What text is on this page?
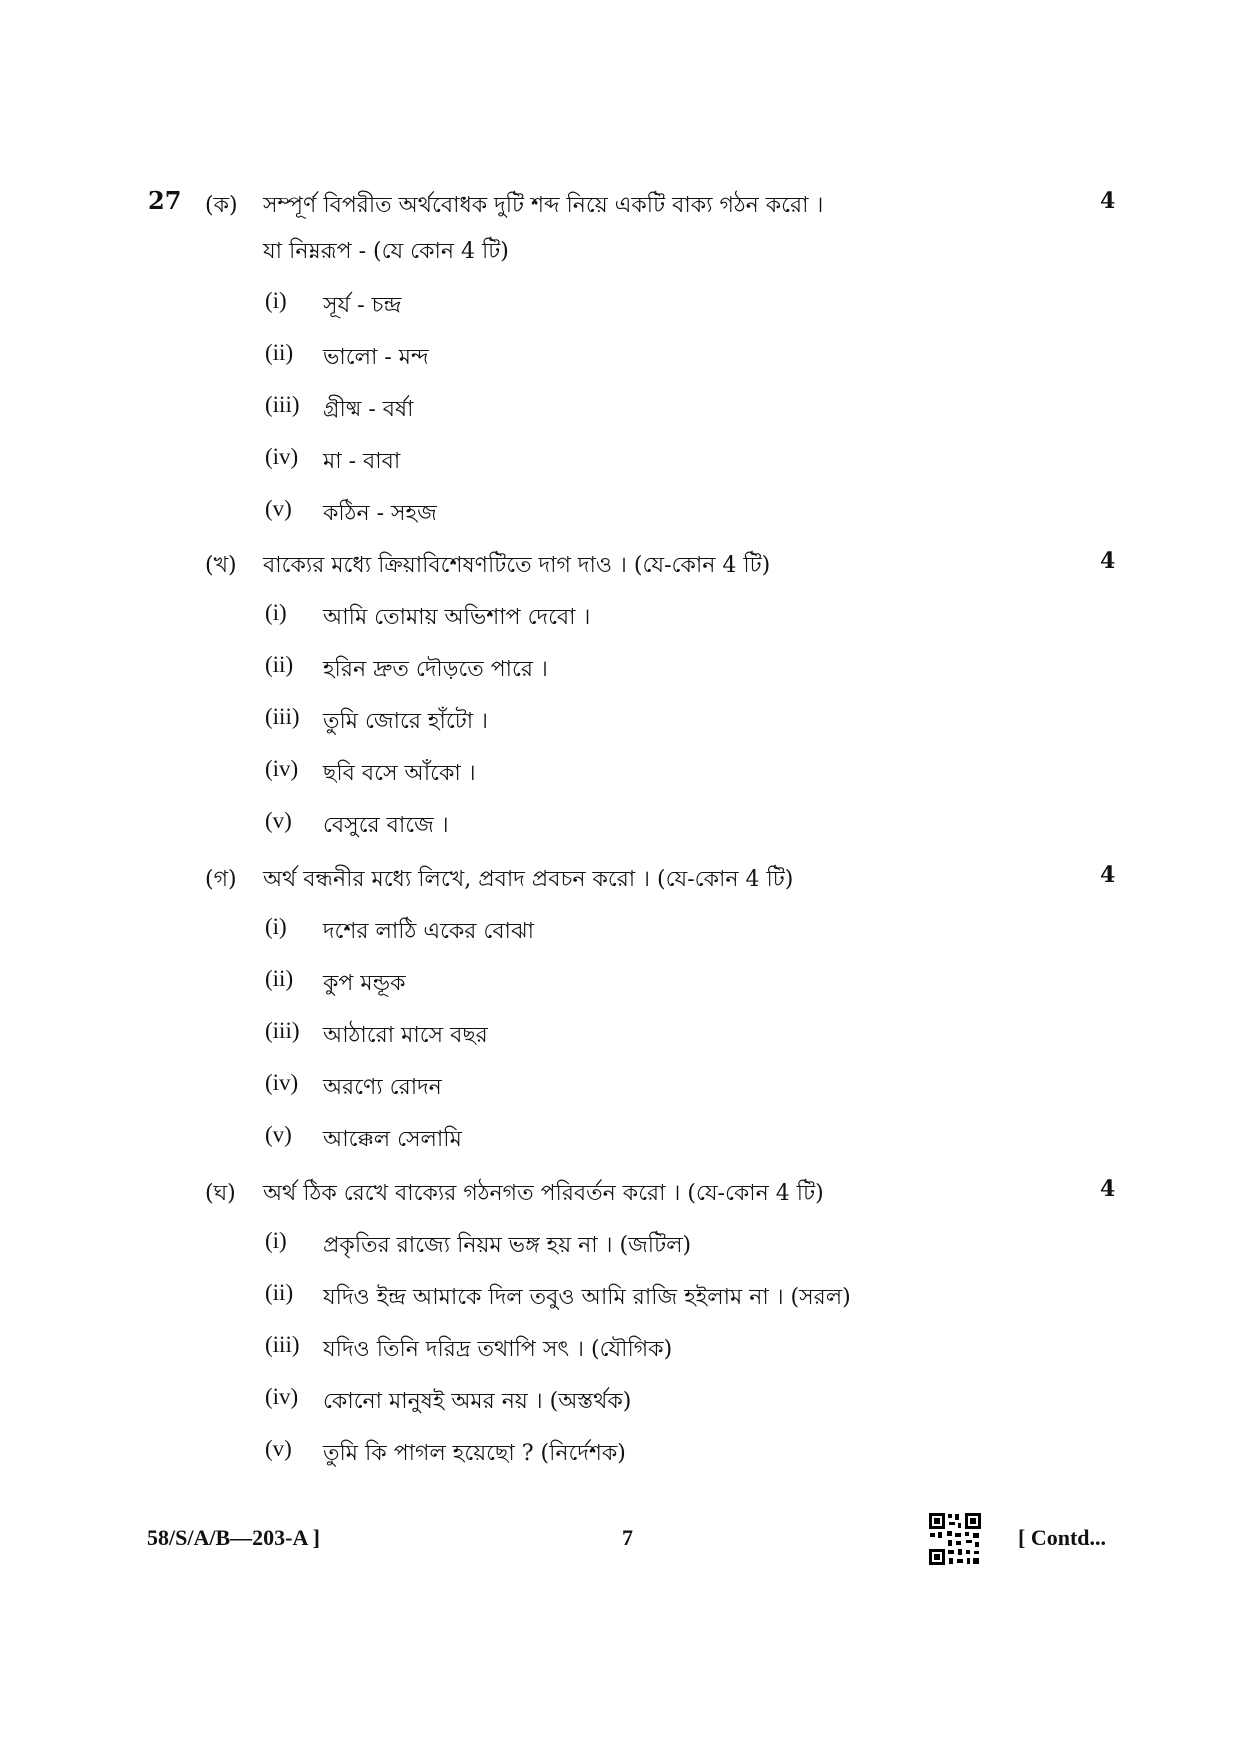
27 (ক) সম্পূর্ণ বিপরীত অর্থবোধক দুটি শব্দ নিয়ে একটি বাক্য গঠন করো ।	4
যা নিম্নরূপ - (যে কোন 4 টি)
(i) সূর্য - চন্দ্র
(ii) ভালো - মন্দ
(iii) গ্রীষ্ম - বর্ষা
(iv) মা - বাবা
(v) কঠিন - সহজ
(খ) বাক্যের মধ্যে ক্রিয়াবিশেষণটিতে দাগ দাও । (যে-কোন 4 টি)	4
(i) আমি তোমায় অভিশাপ দেবো ।
(ii) হরিন দ্রুত দৌড়তে পারে ।
(iii) তুমি জোরে হাঁটো ।
(iv) ছবি বসে আঁকো ।
(v) বেসুরে বাজে ।
(গ) অর্থ বন্ধনীর মধ্যে লিখে, প্রবাদ প্রবচন করো । (যে-কোন 4 টি)	4
(i) দশের লাঠি একের বোঝা
(ii) কুপ মন্ডূক
(iii) আঠারো মাসে বছর
(iv) অরণ্যে রোদন
(v) আক্কেল সেলামি
(ঘ) অর্থ ঠিক রেখে বাক্যের গঠনগত পরিবর্তন করো । (যে-কোন 4 টি)	4
(i) প্রকৃতির রাজ্যে নিয়ম ভঙ্গ হয় না । (জটিল)
(ii) যদিও ইন্দ্র আমাকে দিল তবুও আমি রাজি হইলাম না । (সরল)
(iii) যদিও তিনি দরিদ্র তথাপি সৎ । (যৌগিক)
(iv) কোনো মানুষই অমর নয় । (অস্তর্থক)
(v) তুমি কি পাগল হয়েছো ? (নির্দেশক)
58/S/A/B—203-A ]	7	[ Contd...
